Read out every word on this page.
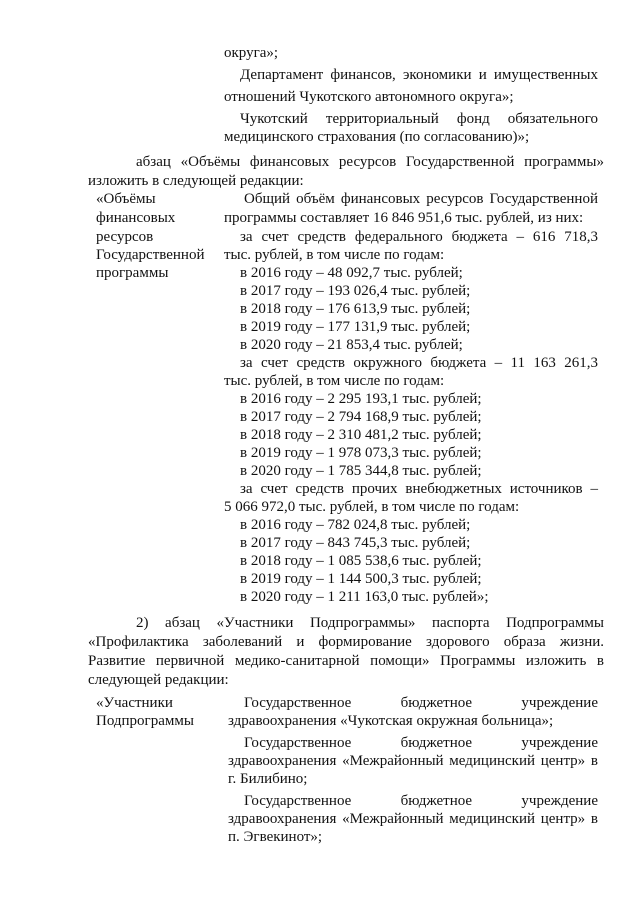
округа»;
Департамент финансов, экономики и имущественных
отношений Чукотского автономного округа»;
Чукотский территориальный фонд обязательного
медицинского страхования (по согласованию)»;
абзац «Объёмы финансовых ресурсов Государственной программы»
изложить в следующей редакции:
«Объёмы
финансовых
ресурсов
Государственной
программы
Общий объём финансовых ресурсов Государственной
программы составляет 16 846 951,6 тыс. рублей, из них:
за счет средств федерального бюджета – 616 718,3
тыс. рублей, в том числе по годам:
в 2016 году – 48 092,7 тыс. рублей;
в 2017 году – 193 026,4 тыс. рублей;
в 2018 году – 176 613,9 тыс. рублей;
в 2019 году – 177 131,9 тыс. рублей;
в 2020 году – 21 853,4 тыс. рублей;
за счет средств окружного бюджета – 11 163 261,3
тыс. рублей, в том числе по годам:
в 2016 году – 2 295 193,1 тыс. рублей;
в 2017 году – 2 794 168,9 тыс. рублей;
в 2018 году – 2 310 481,2 тыс. рублей;
в 2019 году – 1 978 073,3 тыс. рублей;
в 2020 году – 1 785 344,8 тыс. рублей;
за счет средств прочих внебюджетных источников –
5 066 972,0 тыс. рублей, в том числе по годам:
в 2016 году – 782 024,8 тыс. рублей;
в 2017 году – 843 745,3 тыс. рублей;
в 2018 году – 1 085 538,6 тыс. рублей;
в 2019 году – 1 144 500,3 тыс. рублей;
в 2020 году – 1 211 163,0 тыс. рублей»;
2) абзац «Участники Подпрограммы» паспорта Подпрограммы
«Профилактика заболеваний и формирование здорового образа жизни.
Развитие первичной медико-санитарной помощи» Программы изложить в
следующей редакции:
«Участники
Подпрограммы
Государственное бюджетное учреждение
здравоохранения «Чукотская окружная больница»;
Государственное бюджетное учреждение
здравоохранения «Межрайонный медицинский центр» в
г. Билибино;
Государственное бюджетное учреждение
здравоохранения «Межрайонный медицинский центр» в
п. Эгвекинот»;
